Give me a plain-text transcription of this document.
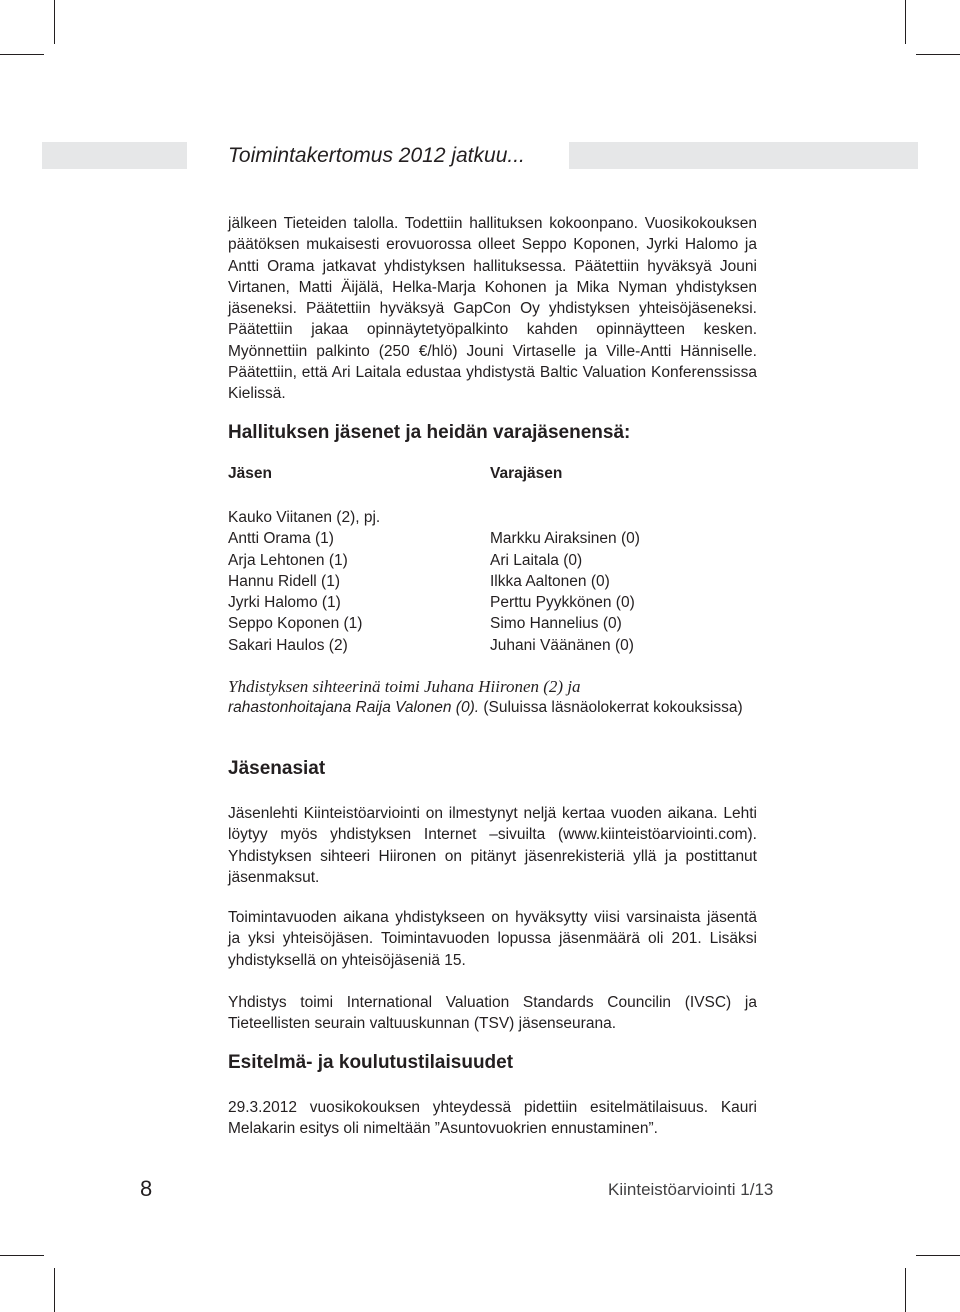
Toimintakertomus 2012 jatkuu...

jälkeen Tieteiden talolla. Todettiin hallituksen kokoonpano. Vuosikokouksen päätöksen mukaisesti erovuorossa olleet Seppo Koponen, Jyrki Halomo ja Antti Orama jatkavat yhdistyksen hallituksessa. Päätettiin hyväksyä Jouni Virtanen, Matti Äijälä, Helka-Marja Kohonen ja Mika Nyman yhdistyksen jäseneksi. Päätettiin hyväksyä GapCon Oy yhdistyksen yhteisöjäseneksi. Päätettiin jakaa opinnäytetyöpalkinto kahden opinnäytteen kesken. Myönnettiin palkinto (250 €/hlö) Jouni Virtaselle ja Ville-Antti Hänniselle. Päätettiin, että Ari Laitala edustaa yhdistystä Baltic Valuation Konferenssissa Kielissä.

Hallituksen jäsenet ja heidän varajäsenensä:
Jäsen	Varajäsen
Kauko Viitanen (2), pj.
Antti Orama (1)	Markku Airaksinen (0)
Arja Lehtonen (1)	Ari Laitala (0)
Hannu Ridell (1)	Ilkka Aaltonen (0)
Jyrki Halomo (1)	Perttu Pyykkönen (0)
Seppo Koponen (1)	Simo Hannelius (0)
Sakari Haulos (2)	Juhani Väänänen (0)
Yhdistyksen sihteerinä toimi Juhana Hiironen (2) ja
rahastonhoitajana Raija Valonen (0). (Suluissa läsnäolokerrat kokouksissa)
Jäsenasiat

Jäsenlehti Kiinteistöarviointi on ilmestynyt neljä kertaa vuoden aikana. Lehti löytyy myös yhdistyksen Internet –sivuilta (www.kiinteistöarviointi.com). Yhdistyksen sihteeri Hiironen on pitänyt jäsenrekisteriä yllä ja postittanut jäsenmaksut.

Toimintavuoden aikana yhdistykseen on hyväksytty viisi varsinaista jäsentä ja yksi yhteisöjäsen. Toimintavuoden lopussa jäsenmäärä oli 201. Lisäksi yhdistyksellä on yhteisöjäseniä 15.

Yhdistys toimi International Valuation Standards Councilin (IVSC) ja Tieteellisten seurain valtuuskunnan (TSV) jäsenseurana.

Esitelmä- ja koulutustilaisuudet

29.3.2012 vuosikokouksen yhteydessä pidettiin esitelmätilaisuus. Kauri Melakarin esitys oli nimeltään ”Asuntovuokrien ennustaminen”.

8	Kiinteistöarviointi 1/13
